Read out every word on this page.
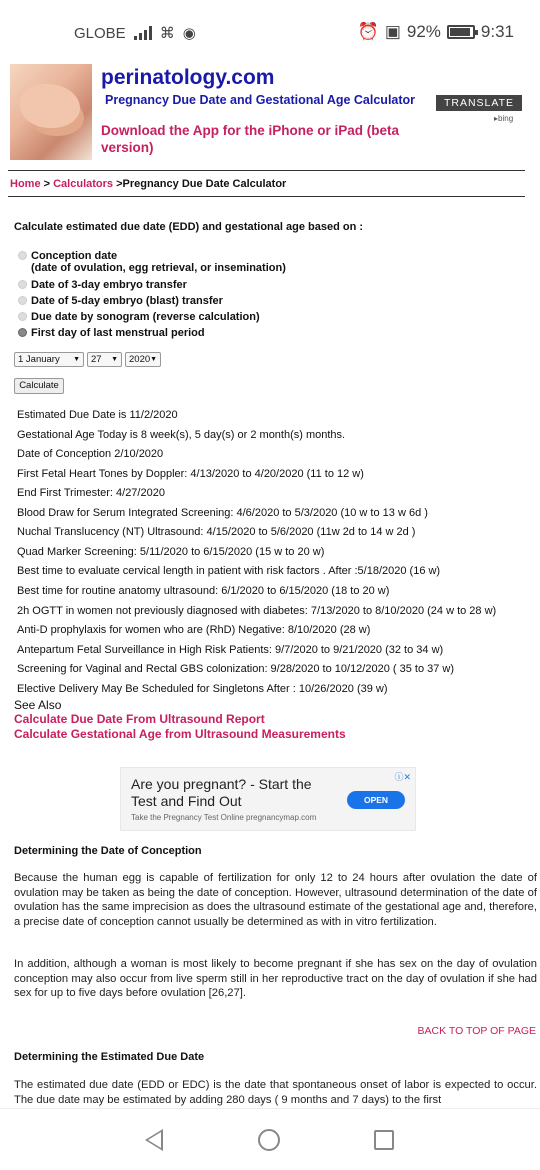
GLOBE ⌘ ◉	⏰ ▣ 92% 9:31
perinatology.com
Pregnancy Due Date and Gestational Age Calculator
Download the App for the iPhone or iPad (beta version)
TRANSLATE
▸bing
Home > Calculators >Pregnancy Due Date Calculator
Calculate estimated due date (EDD) and gestational age based on :
Conception date
(date of ovulation, egg retrieval, or insemination)
Date of 3-day embryo transfer
Date of 5-day embryo (blast) transfer
Due date by sonogram (reverse calculation)
First day of last menstrual period
1 January ▼	27 ▼	2020 ▼
Calculate
Estimated Due Date is 11/2/2020
Gestational Age Today is 8 week(s), 5 day(s) or 2 month(s) months.
Date of Conception 2/10/2020
First Fetal Heart Tones by Doppler: 4/13/2020 to 4/20/2020 (11 to 12 w)
End First Trimester: 4/27/2020
Blood Draw for Serum Integrated Screening: 4/6/2020 to 5/3/2020 (10 w to 13 w 6d )
Nuchal Translucency (NT) Ultrasound: 4/15/2020 to 5/6/2020 (11w 2d to 14 w 2d )
Quad Marker Screening: 5/11/2020 to 6/15/2020 (15 w to 20 w)
Best time to evaluate cervical length in patient with risk factors . After :5/18/2020 (16 w)
Best time for routine anatomy ultrasound: 6/1/2020 to 6/15/2020 (18 to 20 w)
2h OGTT in women not previously diagnosed with diabetes: 7/13/2020 to 8/10/2020 (24 w to 28 w)
Anti-D prophylaxis for women who are (RhD) Negative: 8/10/2020 (28 w)
Antepartum Fetal Surveillance in High Risk Patients: 9/7/2020 to 9/21/2020 (32 to 34 w)
Screening for Vaginal and Rectal GBS colonization: 9/28/2020 to 10/12/2020 ( 35 to 37 w)
Elective Delivery May Be Scheduled for Singletons After : 10/26/2020 (39 w)
See Also
Calculate Due Date From Ultrasound Report
Calculate Gestational Age from Ultrasound Measurements
Are you pregnant? - Start the Test and Find Out
Take the Pregnancy Test Online pregnancymap.com
OPEN
ⓘ✕
Determining the Date of Conception
Because the human egg is capable of fertilization for only 12 to 24 hours after ovulation the date of ovulation may be taken as being the date of conception. However, ultrasound determination of the date of ovulation has the same imprecision as does the ultrasound estimate of the gestational age and, therefore, a precise date of conception cannot usually be determined as with in vitro fertilization.
In addition, although a woman is most likely to become pregnant if she has sex on the day of ovulation conception may also occur from live sperm still in her reproductive tract on the day of ovulation if she had sex for up to five days before ovulation [26,27].
BACK TO TOP OF PAGE
Determining the Estimated Due Date
The estimated due date (EDD or EDC) is the date that spontaneous onset of labor is expected to occur. The due date may be estimated by adding 280 days ( 9 months and 7 days) to the first
